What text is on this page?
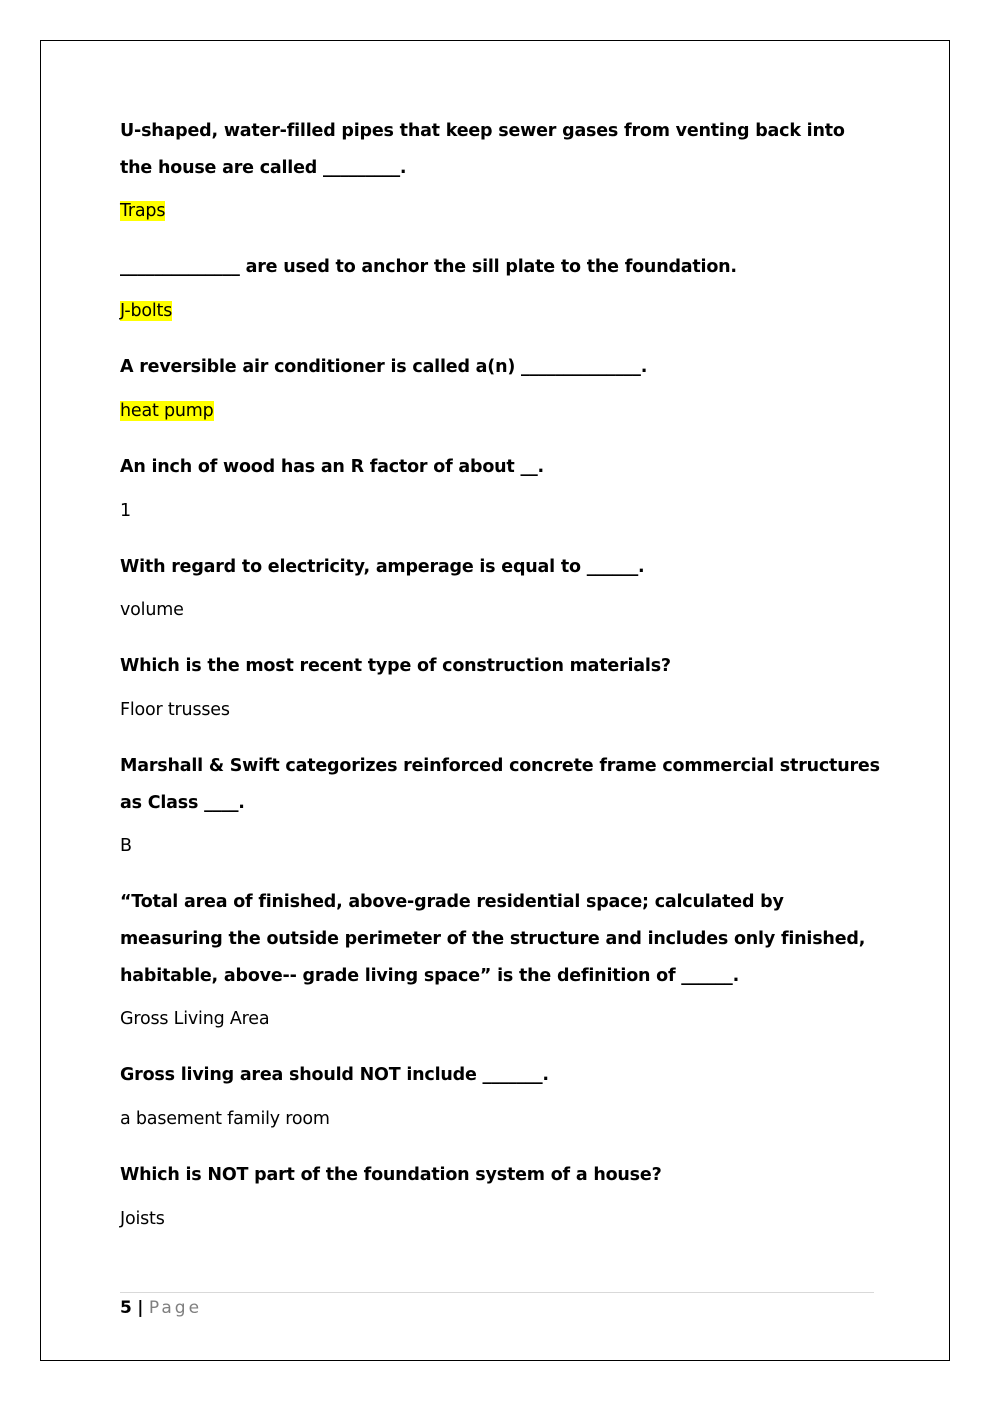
U-shaped, water-filled pipes that keep sewer gases from venting back into the house are called _________.

Traps

______________ are used to anchor the sill plate to the foundation.

J-bolts

A reversible air conditioner is called a(n) ______________.

heat pump

An inch of wood has an R factor of about __.

1

With regard to electricity, amperage is equal to ______.

volume

Which is the most recent type of construction materials?

Floor trusses

Marshall & Swift categorizes reinforced concrete frame commercial structures as Class ____.

B

“Total area of finished, above-grade residential space; calculated by measuring the outside perimeter of the structure and includes only finished, habitable, above-- grade living space” is the definition of ______.

Gross Living Area

Gross living area should NOT include _______.

a basement family room

Which is NOT part of the foundation system of a house?

Joists

5 | Page
